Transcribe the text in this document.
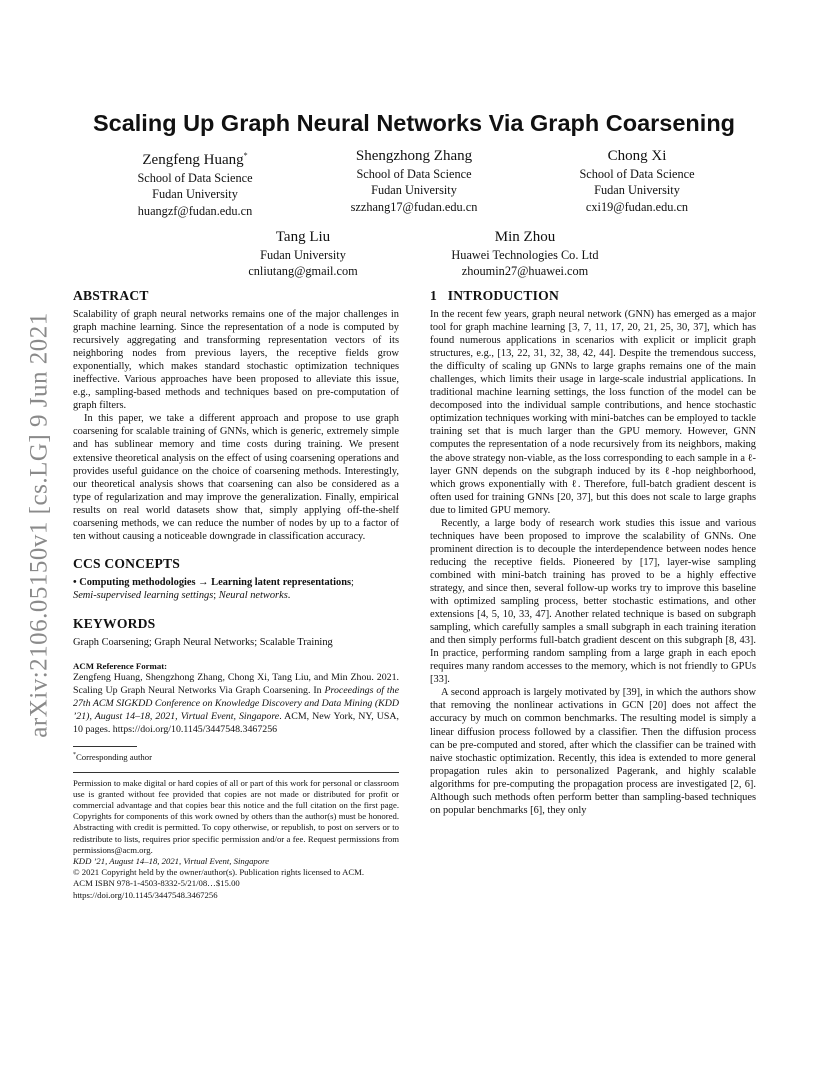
arXiv:2106.05150v1 [cs.LG] 9 Jun 2021
Scaling Up Graph Neural Networks Via Graph Coarsening
Zengfeng Huang*
School of Data Science
Fudan University
huangzf@fudan.edu.cn
Shengzhong Zhang
School of Data Science
Fudan University
szzhang17@fudan.edu.cn
Chong Xi
School of Data Science
Fudan University
cxi19@fudan.edu.cn
Tang Liu
Fudan University
cnliutang@gmail.com
Min Zhou
Huawei Technologies Co. Ltd
zhoumin27@huawei.com
ABSTRACT

Scalability of graph neural networks remains one of the major challenges in graph machine learning. Since the representation of a node is computed by recursively aggregating and transforming representation vectors of its neighboring nodes from previous layers, the receptive fields grow exponentially, which makes standard stochastic optimization techniques ineffective. Various approaches have been proposed to alleviate this issue, e.g., sampling-based methods and techniques based on pre-computation of graph filters.

In this paper, we take a different approach and propose to use graph coarsening for scalable training of GNNs, which is generic, extremely simple and has sublinear memory and time costs during training. We present extensive theoretical analysis on the effect of using coarsening operations and provides useful guidance on the choice of coarsening methods. Interestingly, our theoretical analysis shows that coarsening can also be considered as a type of regularization and may improve the generalization. Finally, empirical results on real world datasets show that, simply applying off-the-shelf coarsening methods, we can reduce the number of nodes by up to a factor of ten without causing a noticeable downgrade in classification accuracy.

CCS CONCEPTS
• Computing methodologies → Learning latent representations;
Semi-supervised learning settings; Neural networks.
KEYWORDS
Graph Coarsening; Graph Neural Networks; Scalable Training
ACM Reference Format:
Zengfeng Huang, Shengzhong Zhang, Chong Xi, Tang Liu, and Min Zhou. 2021. Scaling Up Graph Neural Networks Via Graph Coarsening. In Proceedings of the 27th ACM SIGKDD Conference on Knowledge Discovery and Data Mining (KDD ’21), August 14–18, 2021, Virtual Event, Singapore. ACM, New York, NY, USA, 10 pages. https://doi.org/10.1145/3447548.3467256
*Corresponding author
Permission to make digital or hard copies of all or part of this work for personal or classroom use is granted without fee provided that copies are not made or distributed for profit or commercial advantage and that copies bear this notice and the full citation on the first page. Copyrights for components of this work owned by others than the author(s) must be honored. Abstracting with credit is permitted. To copy otherwise, or republish, to post on servers or to redistribute to lists, requires prior specific permission and/or a fee. Request permissions from permissions@acm.org.
KDD ’21, August 14–18, 2021, Virtual Event, Singapore
© 2021 Copyright held by the owner/author(s). Publication rights licensed to ACM.
ACM ISBN 978-1-4503-8332-5/21/08…$15.00
https://doi.org/10.1145/3447548.3467256
1   INTRODUCTION

In the recent few years, graph neural network (GNN) has emerged as a major tool for graph machine learning [3, 7, 11, 17, 20, 21, 25, 30, 37], which has found numerous applications in scenarios with explicit or implicit graph structures, e.g., [13, 22, 31, 32, 38, 42, 44]. Despite the tremendous success, the difficulty of scaling up GNNs to large graphs remains one of the main challenges, which limits their usage in large-scale industrial applications. In traditional machine learning settings, the loss function of the model can be decomposed into the individual sample contributions, and hence stochastic optimization techniques working with mini-batches can be employed to tackle training set that is much larger than the GPU memory. However, GNN computes the representation of a node recursively from its neighbors, making the above strategy non-viable, as the loss corresponding to each sample in a ℓ-layer GNN depends on the subgraph induced by its ℓ-hop neighborhood, which grows exponentially with ℓ. Therefore, full-batch gradient descent is often used for training GNNs [20, 37], but this does not scale to large graphs due to limited GPU memory.

Recently, a large body of research work studies this issue and various techniques have been proposed to improve the scalability of GNNs. One prominent direction is to decouple the interdependence between nodes hence reducing the receptive fields. Pioneered by [17], layer-wise sampling combined with mini-batch training has proved to be a highly effective strategy, and since then, several follow-up works try to improve this baseline with optimized sampling process, better stochastic estimations, and other extensions [4, 5, 10, 33, 47]. Another related technique is based on subgraph sampling, which carefully samples a small subgraph in each training iteration and then simply performs full-batch gradient descent on this subgraph [8, 43]. In practice, performing random sampling from a large graph in each epoch requires many random accesses to the memory, which is not friendly to GPUs [33].

A second approach is largely motivated by [39], in which the authors show that removing the nonlinear activations in GCN [20] does not affect the accuracy by much on common benchmarks. The resulting model is simply a linear diffusion process followed by a classifier. Then the diffusion process can be pre-computed and stored, after which the classifier can be trained with naive stochastic optimization. Recently, this idea is extended to more general propagation rules akin to personalized Pagerank, and highly scalable algorithms for pre-computing the propagation process are investigated [2, 6]. Although such methods often perform better than sampling-based techniques on popular benchmarks [6], they only
